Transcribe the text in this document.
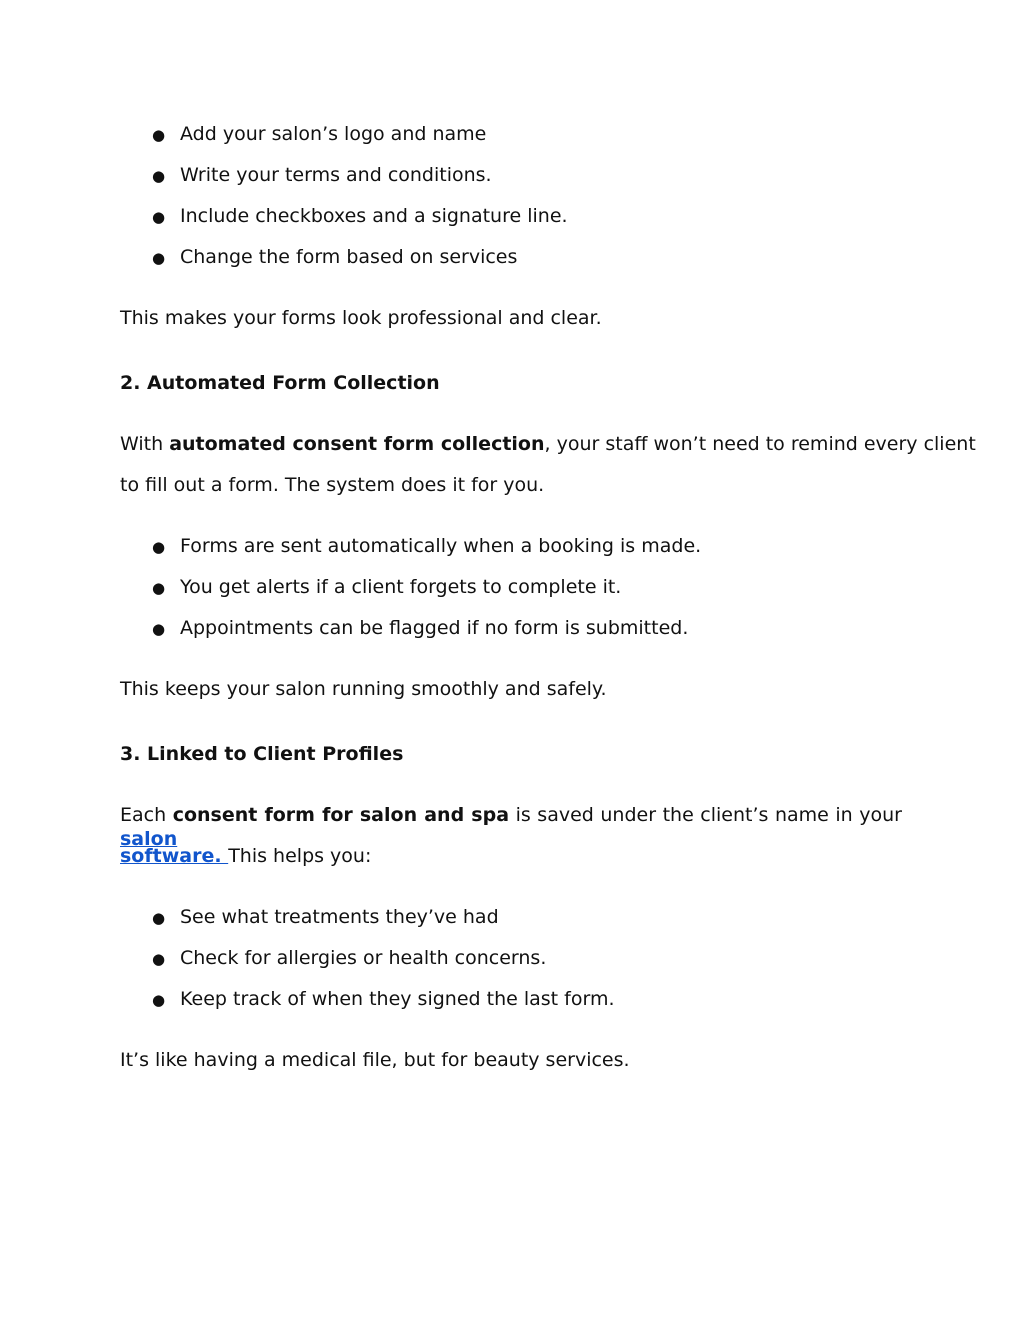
● Add your salon’s logo and name
● Write your terms and conditions.
● Include checkboxes and a signature line.
● Change the form based on services
This makes your forms look professional and clear.
2. Automated Form Collection
With automated consent form collection, your staff won’t need to remind every client
to fill out a form. The system does it for you.
● Forms are sent automatically when a booking is made.
● You get alerts if a client forgets to complete it.
● Appointments can be flagged if no form is submitted.
This keeps your salon running smoothly and safely.
3. Linked to Client Profiles
Each consent form for salon and spa is saved under the client’s name in your salon
software. This helps you:
● See what treatments they’ve had
● Check for allergies or health concerns.
● Keep track of when they signed the last form.
It’s like having a medical file, but for beauty services.
